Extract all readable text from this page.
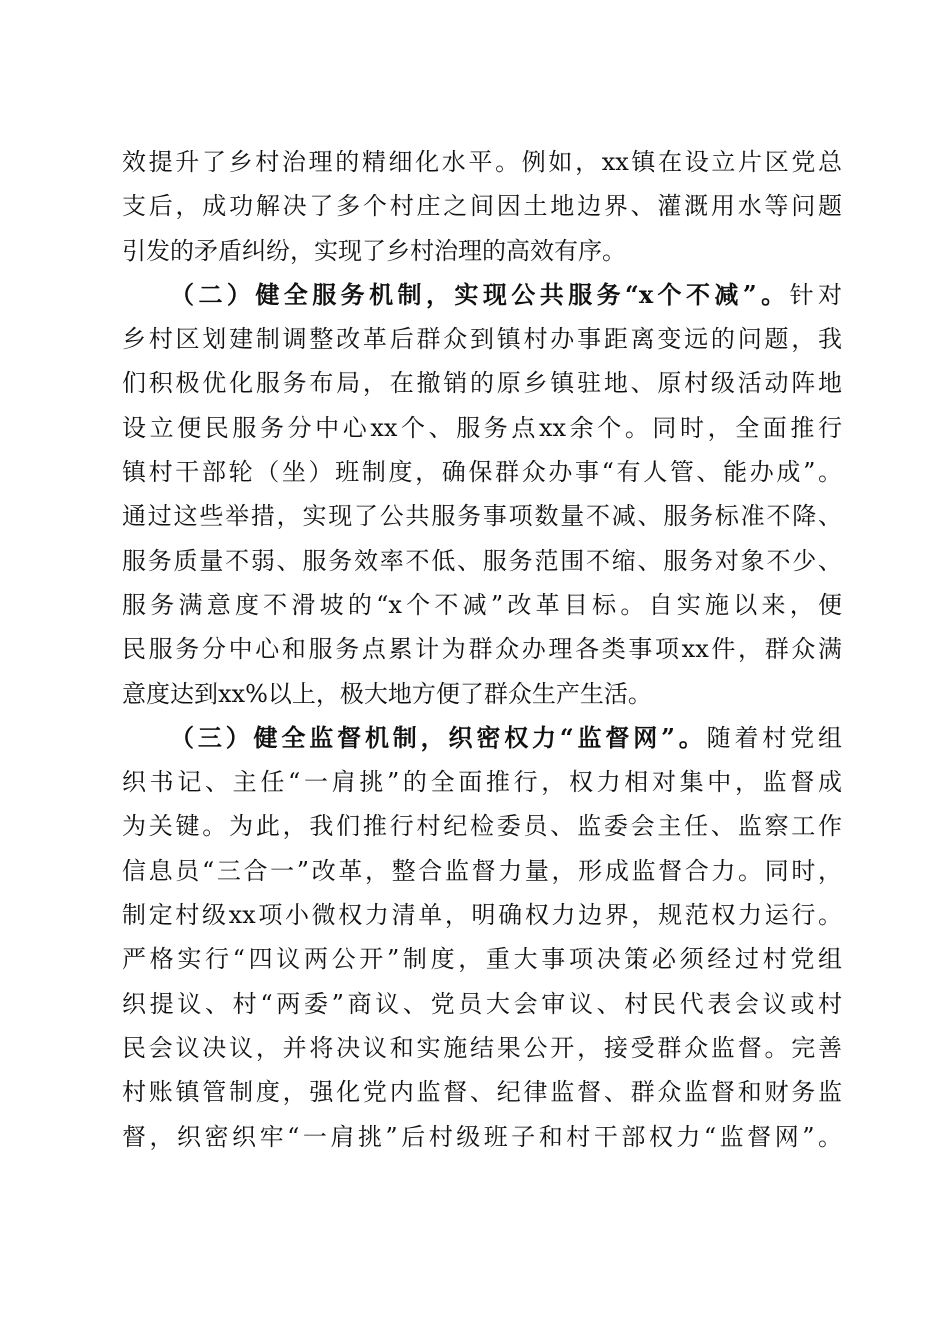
效提升了乡村治理的精细化水平。例如，xx镇在设立片区党总
支后，成功解决了多个村庄之间因土地边界、灌溉用水等问题
引发的矛盾纠纷，实现了乡村治理的高效有序。
（二）健全服务机制，实现公共服务“x个不减”。针对
乡村区划建制调整改革后群众到镇村办事距离变远的问题，我
们积极优化服务布局，在撤销的原乡镇驻地、原村级活动阵地
设立便民服务分中心xx个、服务点xx余个。同时，全面推行
镇村干部轮（坐）班制度，确保群众办事“有人管、能办成”。
通过这些举措，实现了公共服务事项数量不减、服务标准不降、
服务质量不弱、服务效率不低、服务范围不缩、服务对象不少、
服务满意度不滑坡的“x个不减”改革目标。自实施以来，便
民服务分中心和服务点累计为群众办理各类事项xx件，群众满
意度达到xx%以上，极大地方便了群众生产生活。
（三）健全监督机制，织密权力“监督网”。随着村党组
织书记、主任“一肩挑”的全面推行，权力相对集中，监督成
为关键。为此，我们推行村纪检委员、监委会主任、监察工作
信息员“三合一”改革，整合监督力量，形成监督合力。同时，
制定村级xx项小微权力清单，明确权力边界，规范权力运行。
严格实行“四议两公开”制度，重大事项决策必须经过村党组
织提议、村“两委”商议、党员大会审议、村民代表会议或村
民会议决议，并将决议和实施结果公开，接受群众监督。完善
村账镇管制度，强化党内监督、纪律监督、群众监督和财务监
督，织密织牢“一肩挑”后村级班子和村干部权力“监督网”。
